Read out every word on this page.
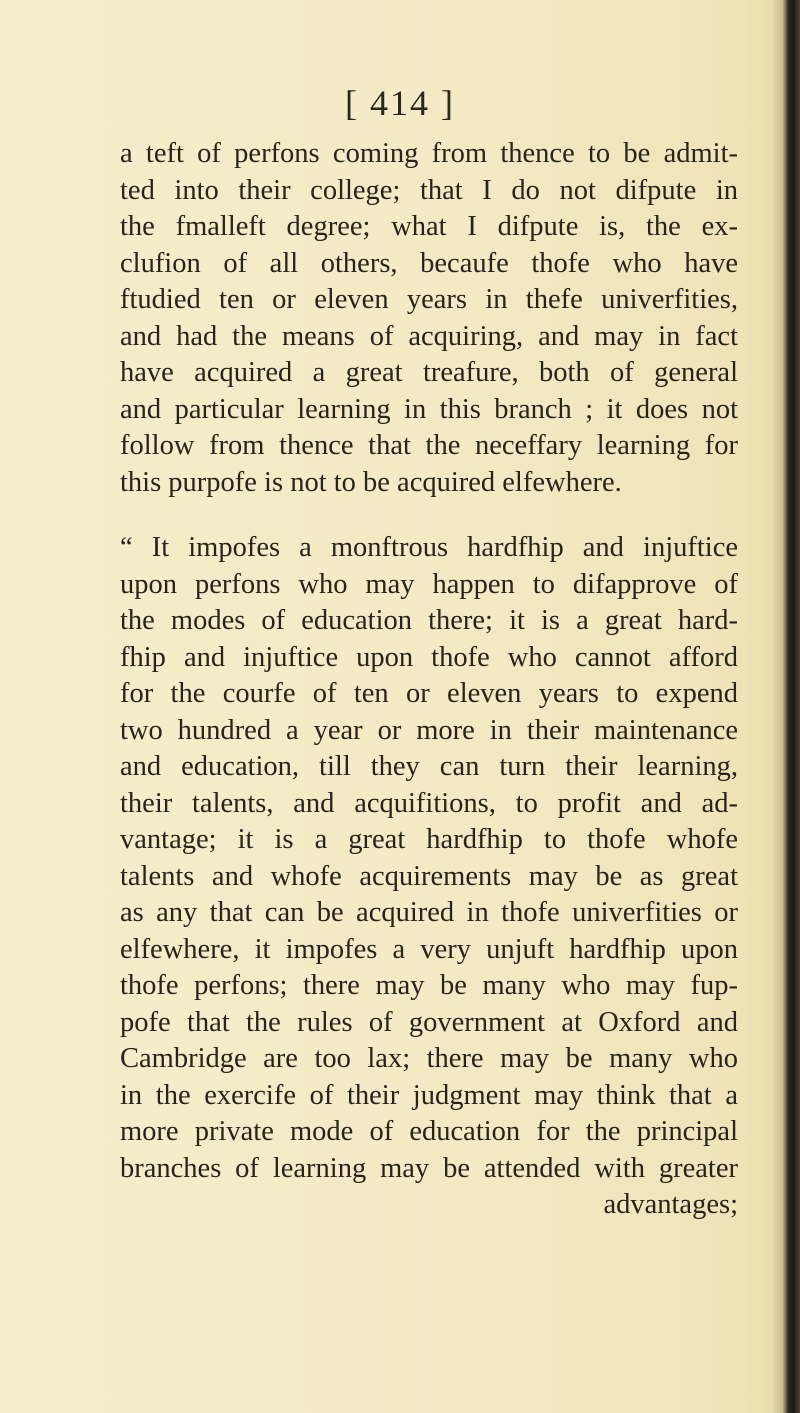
[ 414 ]
a teft of perfons coming from thence to be admit-
ted into their college; that I do not difpute in
the fmalleft degree; what I difpute is, the ex-
clufion of all others, becaufe thofe who have
ftudied ten or eleven years in thefe univerfities,
and had the means of acquiring, and may in fact
have acquired a great treafure, both of general
and particular learning in this branch ; it does not
follow from thence that the neceffary learning for
this purpofe is not to be acquired elfewhere.
“ It impofes a monftrous hardfhip and injuftice
upon perfons who may happen to difapprove of
the modes of education there; it is a great hard-
fhip and injuftice upon thofe who cannot afford
for the courfe of ten or eleven years to expend
two hundred a year or more in their maintenance
and education, till they can turn their learning,
their talents, and acquifitions, to profit and ad-
vantage; it is a great hardfhip to thofe whofe
talents and whofe acquirements may be as great
as any that can be acquired in thofe univerfities or
elfewhere, it impofes a very unjuft hardfhip upon
thofe perfons; there may be many who may fup-
pofe that the rules of government at Oxford and
Cambridge are too lax; there may be many who
in the exercife of their judgment may think that a
more private mode of education for the principal
branches of learning may be attended with greater
advantages;
